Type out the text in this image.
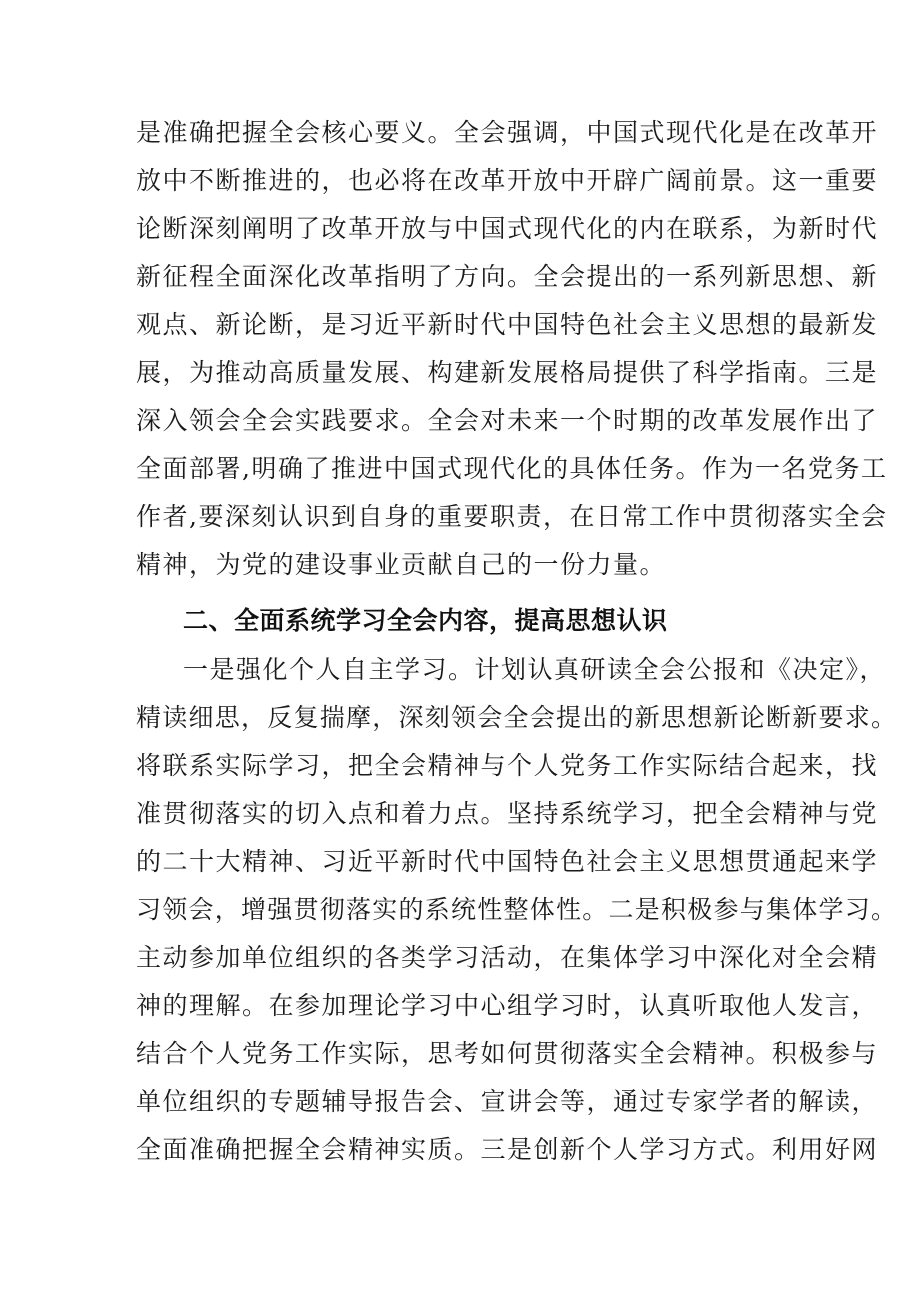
是准确把握全会核心要义。全会强调，中国式现代化是在改革开
放中不断推进的，也必将在改革开放中开辟广阔前景。这一重要
论断深刻阐明了改革开放与中国式现代化的内在联系，为新时代
新征程全面深化改革指明了方向。全会提出的一系列新思想、新
观点、新论断，是习近平新时代中国特色社会主义思想的最新发
展，为推动高质量发展、构建新发展格局提供了科学指南。三是
深入领会全会实践要求。全会对未来一个时期的改革发展作出了
全面部署,明确了推进中国式现代化的具体任务。作为一名党务工
作者,要深刻认识到自身的重要职责，在日常工作中贯彻落实全会
精神，为党的建设事业贡献自己的一份力量。
二、全面系统学习全会内容，提高思想认识
一是强化个人自主学习。计划认真研读全会公报和《决定》，
精读细思，反复揣摩，深刻领会全会提出的新思想新论断新要求。
将联系实际学习，把全会精神与个人党务工作实际结合起来，找
准贯彻落实的切入点和着力点。坚持系统学习，把全会精神与党
的二十大精神、习近平新时代中国特色社会主义思想贯通起来学
习领会，增强贯彻落实的系统性整体性。二是积极参与集体学习。
主动参加单位组织的各类学习活动，在集体学习中深化对全会精
神的理解。在参加理论学习中心组学习时，认真听取他人发言，
结合个人党务工作实际，思考如何贯彻落实全会精神。积极参与
单位组织的专题辅导报告会、宣讲会等，通过专家学者的解读，
全面准确把握全会精神实质。三是创新个人学习方式。利用好网
